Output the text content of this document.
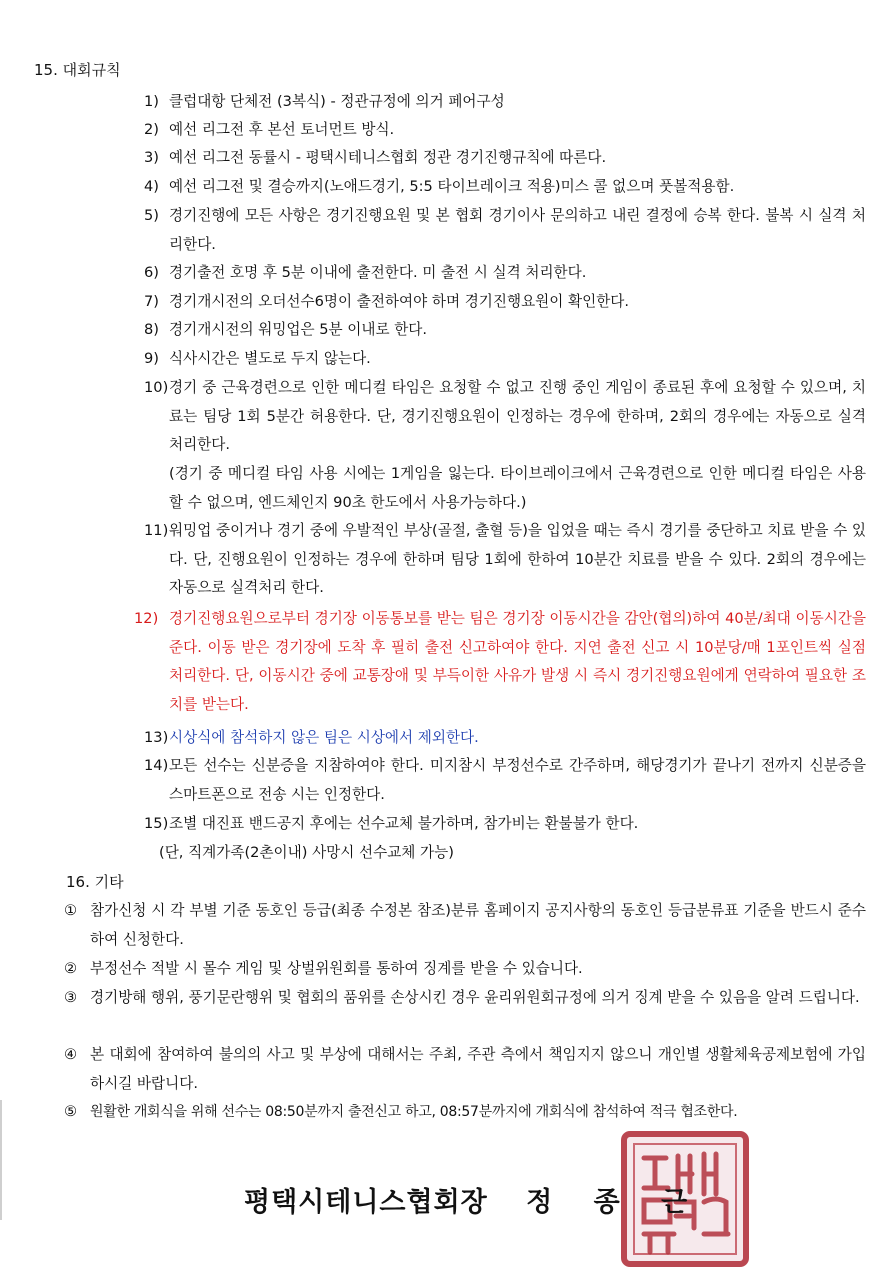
15. 대회규칙
1) 클럽대항 단체전 (3복식) - 정관규정에 의거 페어구성
2) 예선 리그전 후 본선 토너먼트 방식.
3) 예선 리그전 동률시 - 평택시테니스협회 정관 경기진행규칙에 따른다.
4) 예선 리그전 및 결승까지(노애드경기, 5:5 타이브레이크 적용)미스 콜 없으며 풋볼적용함.
5) 경기진행에 모든 사항은 경기진행요원 및 본 협회 경기이사 문의하고 내린 결정에 승복 한다. 불복 시 실격 처리한다.
6) 경기출전 호명 후 5분 이내에 출전한다. 미 출전 시 실격 처리한다.
7) 경기개시전의 오더선수6명이 출전하여야 하며 경기진행요원이 확인한다.
8) 경기개시전의 워밍업은 5분 이내로 한다.
9) 식사시간은 별도로 두지 않는다.
10) 경기 중 근육경련으로 인한 메디컬 타임은 요청할 수 없고 진행 중인 게임이 종료된 후에 요청할 수 있으며, 치료는 팀당 1회 5분간 허용한다. 단, 경기진행요원이 인정하는 경우에 한하며, 2회의 경우에는 자동으로 실격 처리한다.
(경기 중 메디컬 타임 사용 시에는 1게임을 잃는다. 타이브레이크에서 근육경련으로 인한 메디컬 타임은 사용할 수 없으며, 엔드체인지 90초 한도에서 사용가능하다.)
11) 워밍업 중이거나 경기 중에 우발적인 부상(골절, 출혈 등)을 입었을 때는 즉시 경기를 중단하고 치료 받을 수 있다. 단, 진행요원이 인정하는 경우에 한하며 팀당 1회에 한하여 10분간 치료를 받을 수 있다. 2회의 경우에는 자동으로 실격처리 한다.
12) 경기진행요원으로부터 경기장 이동통보를 받는 팀은 경기장 이동시간을 감안(협의)하여 40분/최대 이동시간을 준다. 이동 받은 경기장에 도착 후 필히 출전 신고하여야 한다. 지연 출전 신고 시 10분당/매 1포인트씩 실점 처리한다. 단, 이동시간 중에 교통장애 및 부득이한 사유가 발생 시 즉시 경기진행요원에게 연락하여 필요한 조치를 받는다.
13) 시상식에 참석하지 않은 팀은 시상에서 제외한다.
14) 모든 선수는 신분증을 지참하여야 한다. 미지참시 부정선수로 간주하며, 해당경기가 끝나기 전까지 신분증을 스마트폰으로 전송 시는 인정한다.
15) 조별 대진표 밴드공지 후에는 선수교체 불가하며, 참가비는 환불불가 한다.
(단, 직계가족(2촌이내) 사망시 선수교체 가능)
16. 기타
① 참가신청 시 각 부별 기준 동호인 등급(최종 수정본 참조)분류 홈페이지 공지사항의 동호인 등급분류표 기준을 반드시 준수하여 신청한다.
② 부정선수 적발 시 몰수 게임 및 상벌위원회를 통하여 징계를 받을 수 있습니다.
③ 경기방해 행위, 풍기문란행위 및 협회의 품위를 손상시킨 경우 윤리위원회규정에 의거 징계 받을 수 있음을 알려 드립니다.
④ 본 대회에 참여하여 불의의 사고 및 부상에 대해서는 주최, 주관 측에서 책임지지 않으니 개인별 생활체육공제보험에 가입하시길 바랍니다.
⑤ 원활한 개회식을 위해 선수는 08:50분까지 출전신고 하고, 08:57분까지에 개회식에 참석하여 적극 협조한다.
평택시테니스협회장 정 종 근
